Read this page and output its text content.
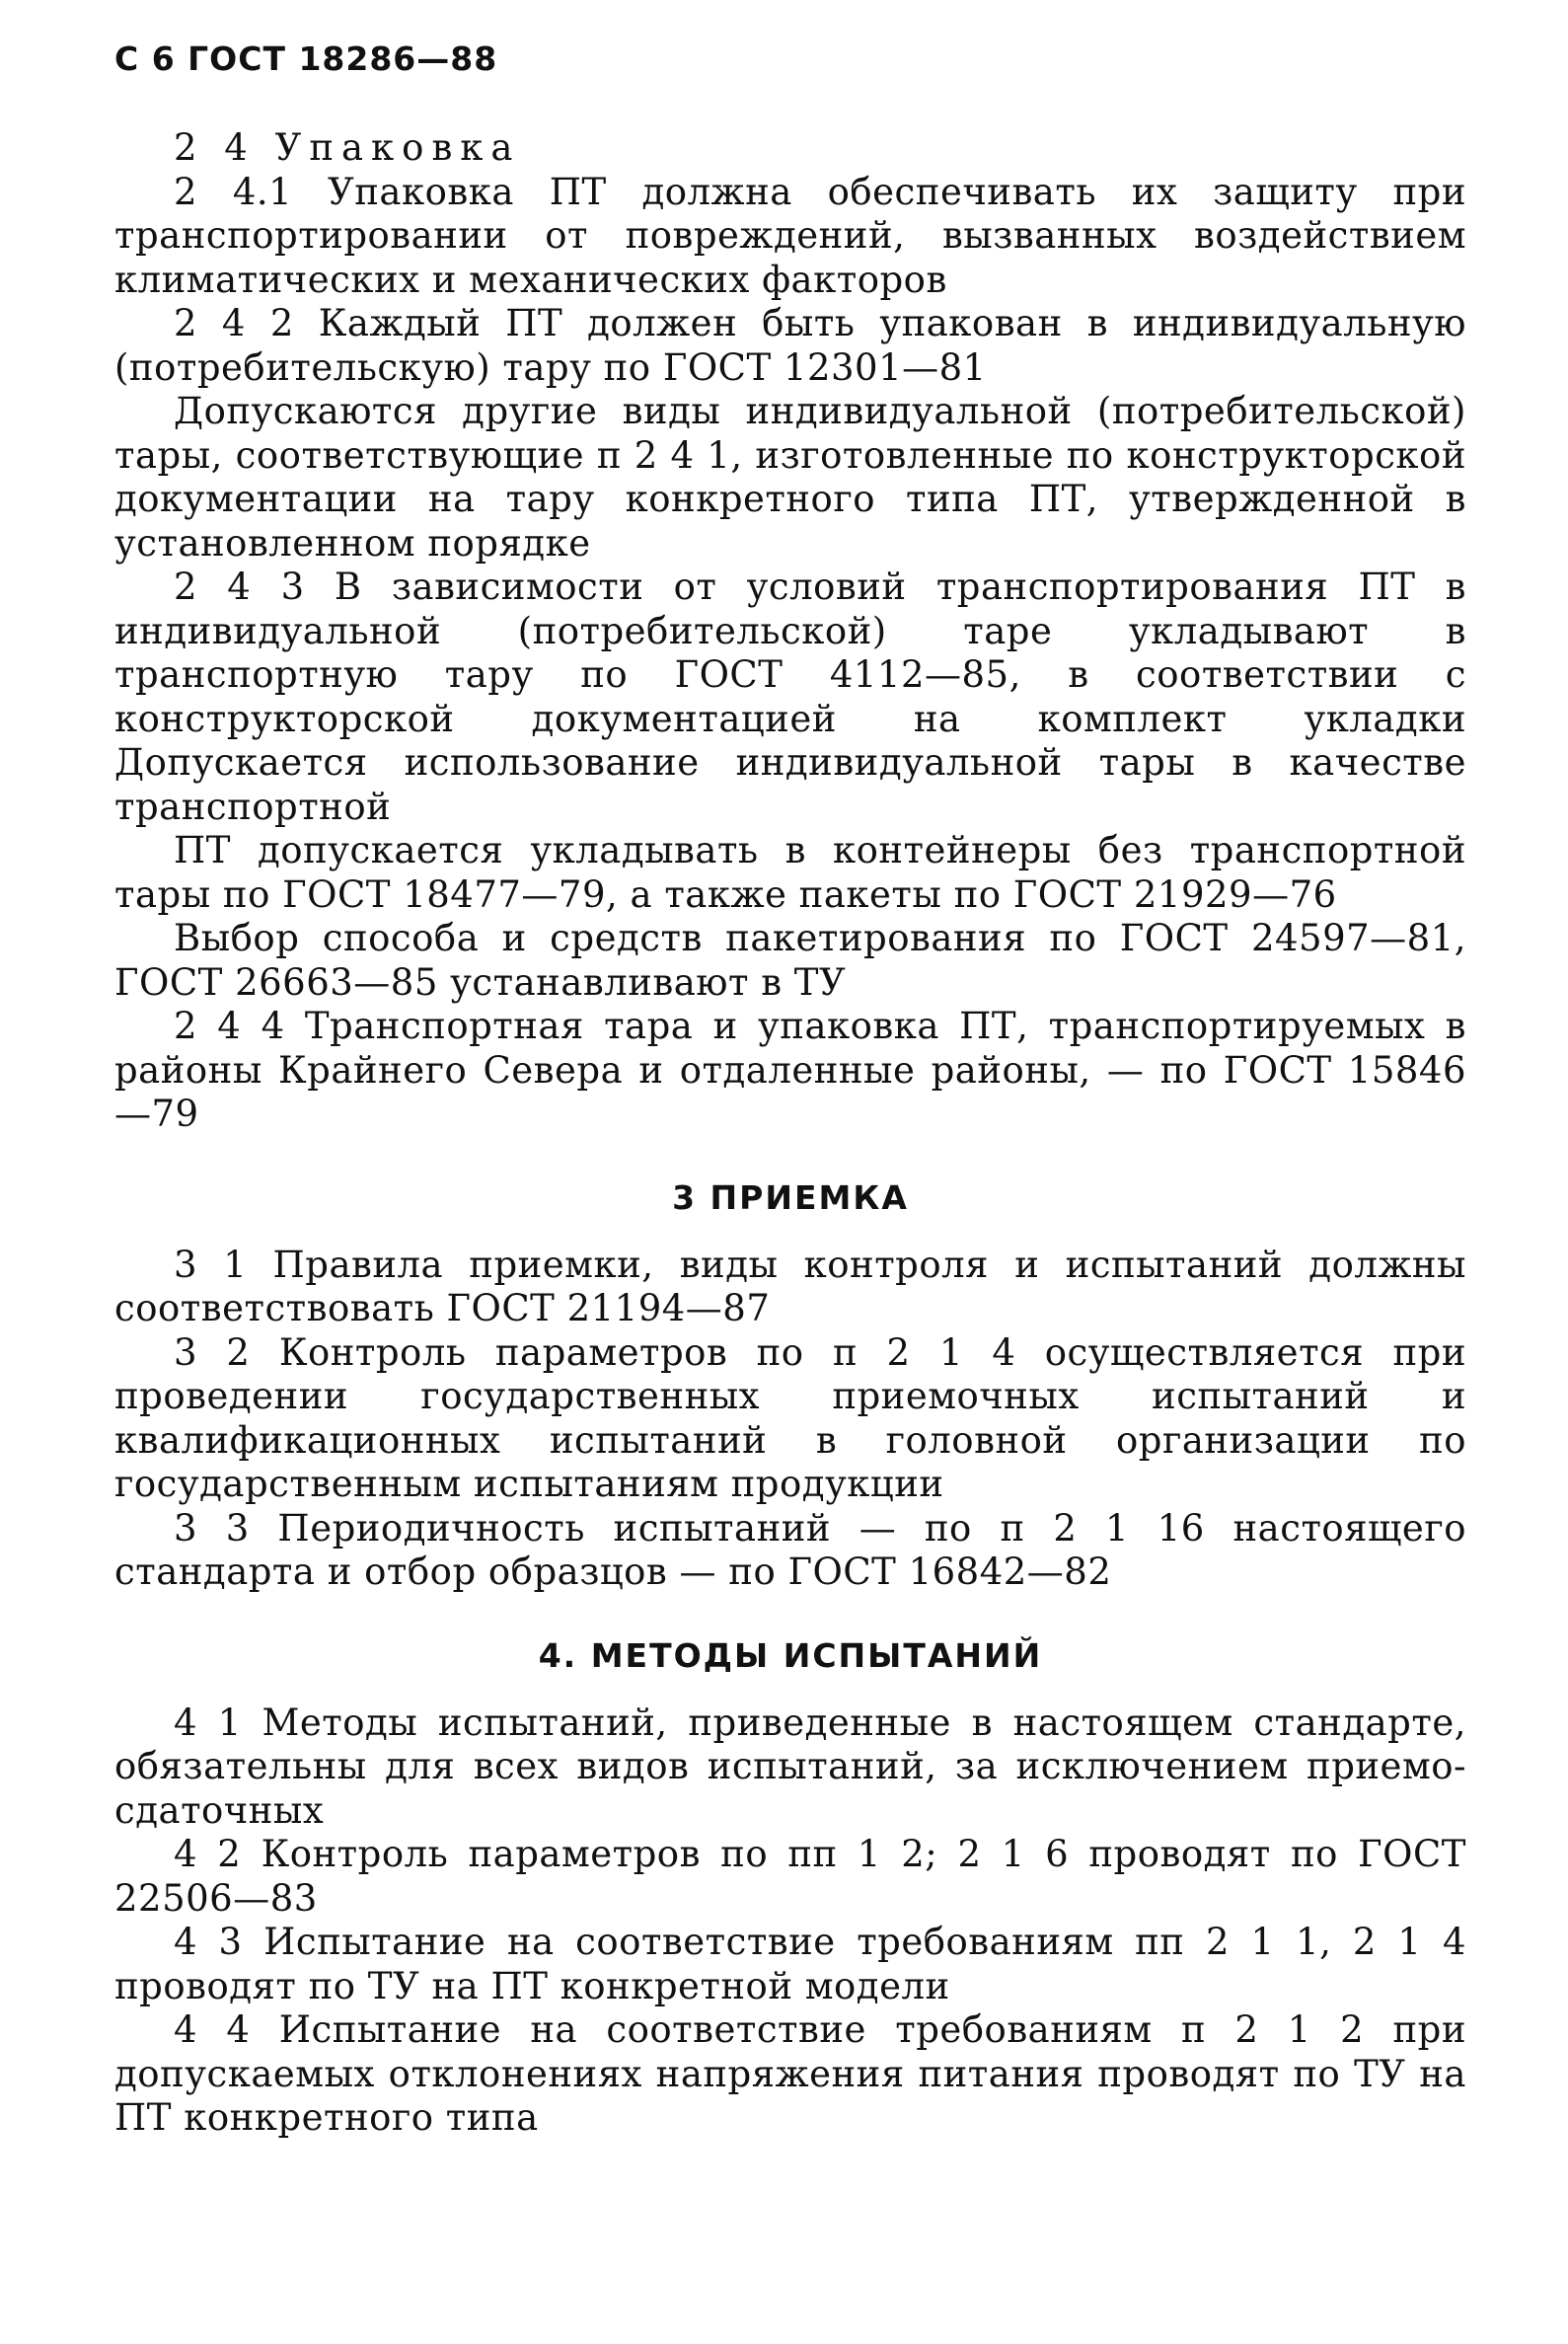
С 6 ГОСТ 18286—88

2 4 Упаковка

2 4.1 Упаковка ПТ должна обеспечивать их защиту при транспортировании от повреждений, вызванных воздействием климатических и механических факторов

2 4 2 Каждый ПТ должен быть упакован в индивидуальную (потребительскую) тару по ГОСТ 12301—81

Допускаются другие виды индивидуальной (потребительской) тары, соответствующие п 2 4 1, изготовленные по конструкторской документации на тару конкретного типа ПТ, утвержденной в установленном порядке

2 4 3 В зависимости от условий транспортирования ПТ в индивидуальной (потребительской) таре укладывают в транспортную тару по ГОСТ 4112—85, в соответствии с конструкторской документацией на комплект укладки Допускается использование индивидуальной тары в качестве транспортной

ПТ допускается укладывать в контейнеры без транспортной тары по ГОСТ 18477—79, а также пакеты по ГОСТ 21929—76

Выбор способа и средств пакетирования по ГОСТ 24597—81, ГОСТ 26663—85 устанавливают в ТУ

2 4 4 Транспортная тара и упаковка ПТ, транспортируемых в районы Крайнего Севера и отдаленные районы, — по ГОСТ 15846—79

3 ПРИЕМКА

3 1 Правила приемки, виды контроля и испытаний должны соответствовать ГОСТ 21194—87

3 2 Контроль параметров по п 2 1 4 осуществляется при проведении государственных приемочных испытаний и квалификационных испытаний в головной организации по государственным испытаниям продукции

3 3 Периодичность испытаний — по п 2 1 16 настоящего стандарта и отбор образцов — по ГОСТ 16842—82

4. МЕТОДЫ ИСПЫТАНИЙ

4 1 Методы испытаний, приведенные в настоящем стандарте, обязательны для всех видов испытаний, за исключением приемо-сдаточных

4 2 Контроль параметров по пп 1 2; 2 1 6 проводят по ГОСТ 22506—83

4 3 Испытание на соответствие требованиям пп 2 1 1, 2 1 4 проводят по ТУ на ПТ конкретной модели

4 4 Испытание на соответствие требованиям п 2 1 2 при допускаемых отклонениях напряжения питания проводят по ТУ на ПТ конкретного типа
